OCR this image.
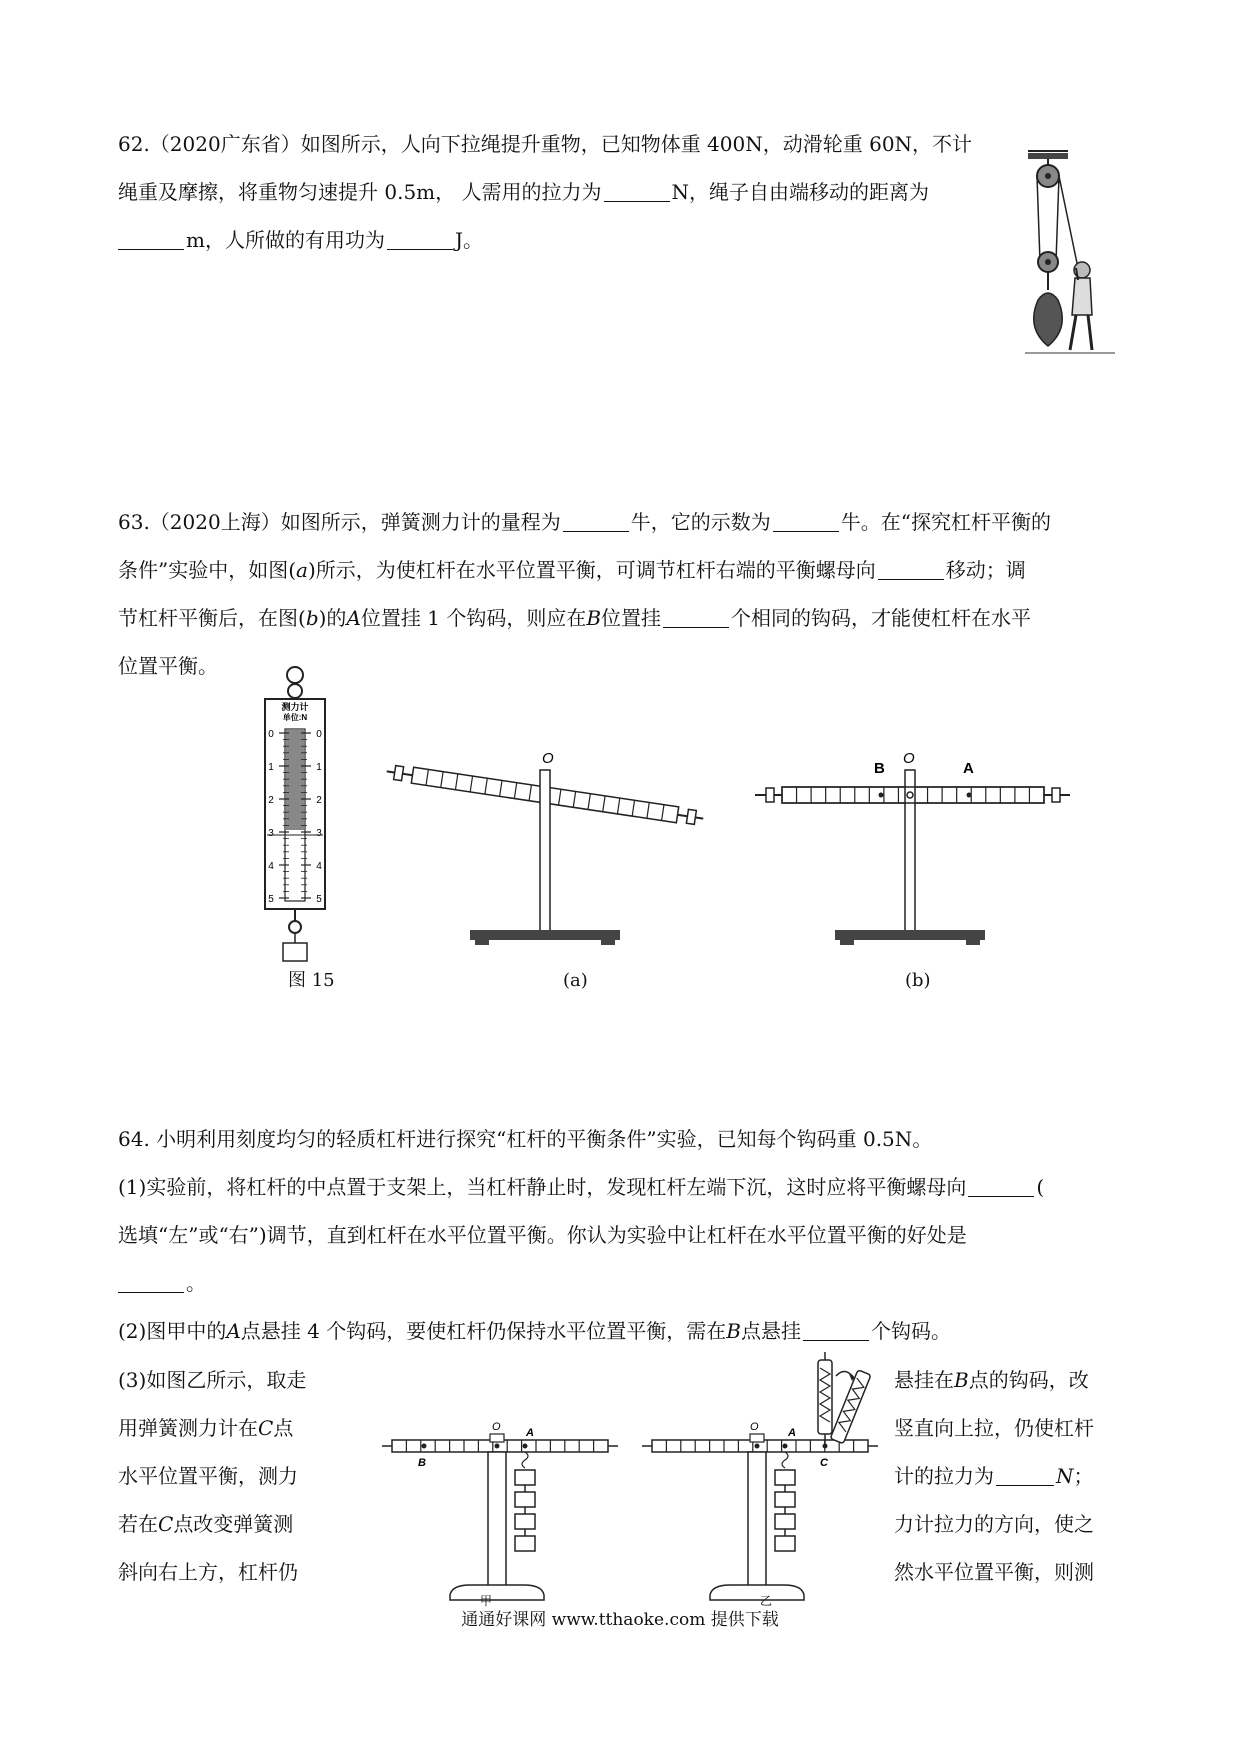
62.（2020广东省）如图所示，人向下拉绳提升重物，已知物体重 400N，动滑轮重 60N，不计
绳重及摩擦，将重物匀速提升 0.5m， 人需用的拉力为	N，绳子自由端移动的距离为
m，人所做的有用功为	J。
63.（2020上海）如图所示，弹簧测力计的量程为	牛，它的示数为	牛。在“探究杠杆平衡的
条件”实验中，如图(a)所示，为使杠杆在水平位置平衡，可调节杠杆右端的平衡螺母向	移动；调
节杠杆平衡后，在图(b)的A位置挂 1 个钩码，则应在B位置挂	个相同的钩码，才能使杠杆在水平
位置平衡。
测力计
单位:N
0	0
1	1
2	2
3	3
4	4
5	5
图 15
O
(a)
B
O
A
(b)
64. 小明利用刻度均匀的轻质杠杆进行探究“杠杆的平衡条件”实验，已知每个钩码重 0.5N。
(1)实验前，将杠杆的中点置于支架上，当杠杆静止时，发现杠杆左端下沉，这时应将平衡螺母向	(
选填“左”或“右”)调节，直到杠杆在水平位置平衡。你认为实验中让杠杆在水平位置平衡的好处是
。
(2)图甲中的A点悬挂 4 个钩码，要使杠杆仍保持水平位置平衡，需在B点悬挂	个钩码。
(3)如图乙所示，取走
用弹簧测力计在C点
水平位置平衡，测力
若在C点改变弹簧测
斜向右上方，杠杆仍
悬挂在B点的钩码，改
竖直向上拉，仍使杠杆
计的拉力为	N；
力计拉力的方向，使之
然水平位置平衡，则测
O A
B
甲
O	A
C
乙
通通好课网 www.tthaoke.com 提供下载
